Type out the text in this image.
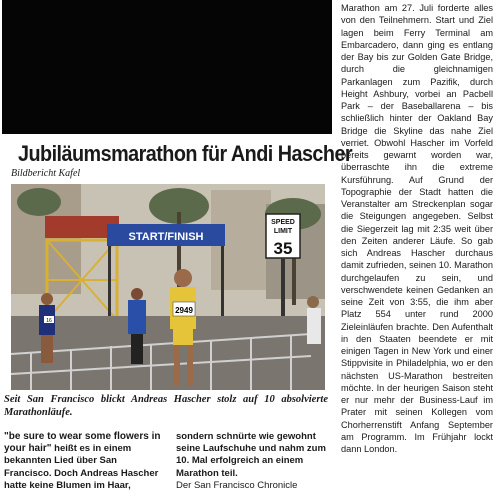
Jubiläumsmarathon für Andi Hascher
Bildbericht Kafel
START/FINISH
SPEED
LIMIT
35
16
2949
Seit San Francisco blickt Andreas Hascher stolz auf 10 absolvierte Marathonläufe.
"be sure to wear some flowers in your hair" heißt es in einem bekannten Lied über San Francisco. Doch Andreas Hascher hatte keine Blumen im Haar,
sondern schnürte wie gewohnt seine Laufschuhe und nahm zum 10. Mal erfolgreich an einem Marathon teil.
Der San Francisco Chronicle

Marathon am 27. Juli forderte alles von den Teilnehmern. Start und Ziel lagen beim Ferry Terminal am Embarcadero, dann ging es entlang der Bay bis zur Golden Gate Bridge, durch die gleichnamigen Parkanlagen zum Pazifik, durch Height Ashbury, vorbei an Pacbell Park – der Baseballarena – bis schließlich hinter der Oakland Bay Bridge die Skyline das nahe Ziel verriet. Obwohl Hascher im Vorfeld bereits gewarnt worden war, überraschte ihn die extreme Kursführung. Auf Grund der Topographie der Stadt hatten die Veranstalter am Streckenplan sogar die Steigungen angegeben. Selbst die Siegerzeit lag mit 2:35 weit über den Zeiten anderer Läufe. So gab sich Andreas Hascher durchaus damit zufrieden, seinen 10. Marathon durchgelaufen zu sein, und verschwendete keinen Gedanken an seine Zeit von 3:55, die ihm aber Platz 554 unter rund 2000 Zieleinläufen brachte. Den Aufenthalt in den Staaten beendete er mit einigen Tagen in New York und einer Stippvisite in Philadelphia, wo er den nächsten US-Marathon bestreiten möchte. In der heurigen Saison steht er nur mehr der Business-Lauf im Prater mit seinen Kollegen vom Chorherrenstift Anfang September am Programm. Im Frühjahr lockt dann London.
